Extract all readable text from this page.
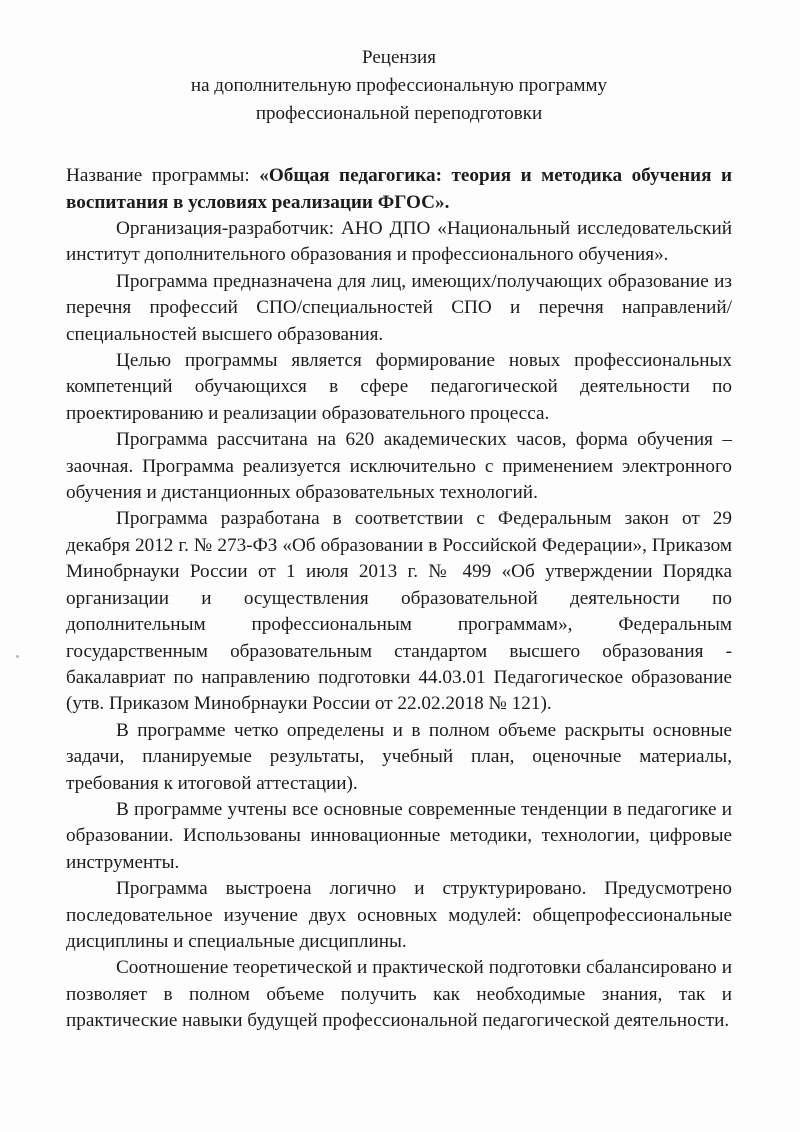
Рецензия
на дополнительную профессиональную программу
профессиональной переподготовки
Название программы: «Общая педагогика: теория и методика обучения и воспитания в условиях реализации ФГОС».

Организация-разработчик: АНО ДПО «Национальный исследовательский институт дополнительного образования и профессионального обучения».

Программа предназначена для лиц, имеющих/получающих образование из перечня профессий СПО/специальностей СПО и перечня направлений/специальностей высшего образования.

Целью программы является формирование новых профессиональных компетенций обучающихся в сфере педагогической деятельности по проектированию и реализации образовательного процесса.

Программа рассчитана на 620 академических часов, форма обучения – заочная. Программа реализуется исключительно с применением электронного обучения и дистанционных образовательных технологий.

Программа разработана в соответствии с Федеральным закон от 29 декабря 2012 г. № 273-ФЗ «Об образовании в Российской Федерации», Приказом Минобрнауки России от 1 июля 2013 г. № 499 «Об утверждении Порядка организации и осуществления образовательной деятельности по дополнительным профессиональным программам», Федеральным государственным образовательным стандартом высшего образования - бакалавриат по направлению подготовки 44.03.01 Педагогическое образование (утв. Приказом Минобрнауки России от 22.02.2018 № 121).

В программе четко определены и в полном объеме раскрыты основные задачи, планируемые результаты, учебный план, оценочные материалы, требования к итоговой аттестации).

В программе учтены все основные современные тенденции в педагогике и образовании. Использованы инновационные методики, технологии, цифровые инструменты.

Программа выстроена логично и структурировано. Предусмотрено последовательное изучение двух основных модулей: общепрофессиональные дисциплины и специальные дисциплины.

Соотношение теоретической и практической подготовки сбалансировано и позволяет в полном объеме получить как необходимые знания, так и практические навыки будущей профессиональной педагогической деятельности.
